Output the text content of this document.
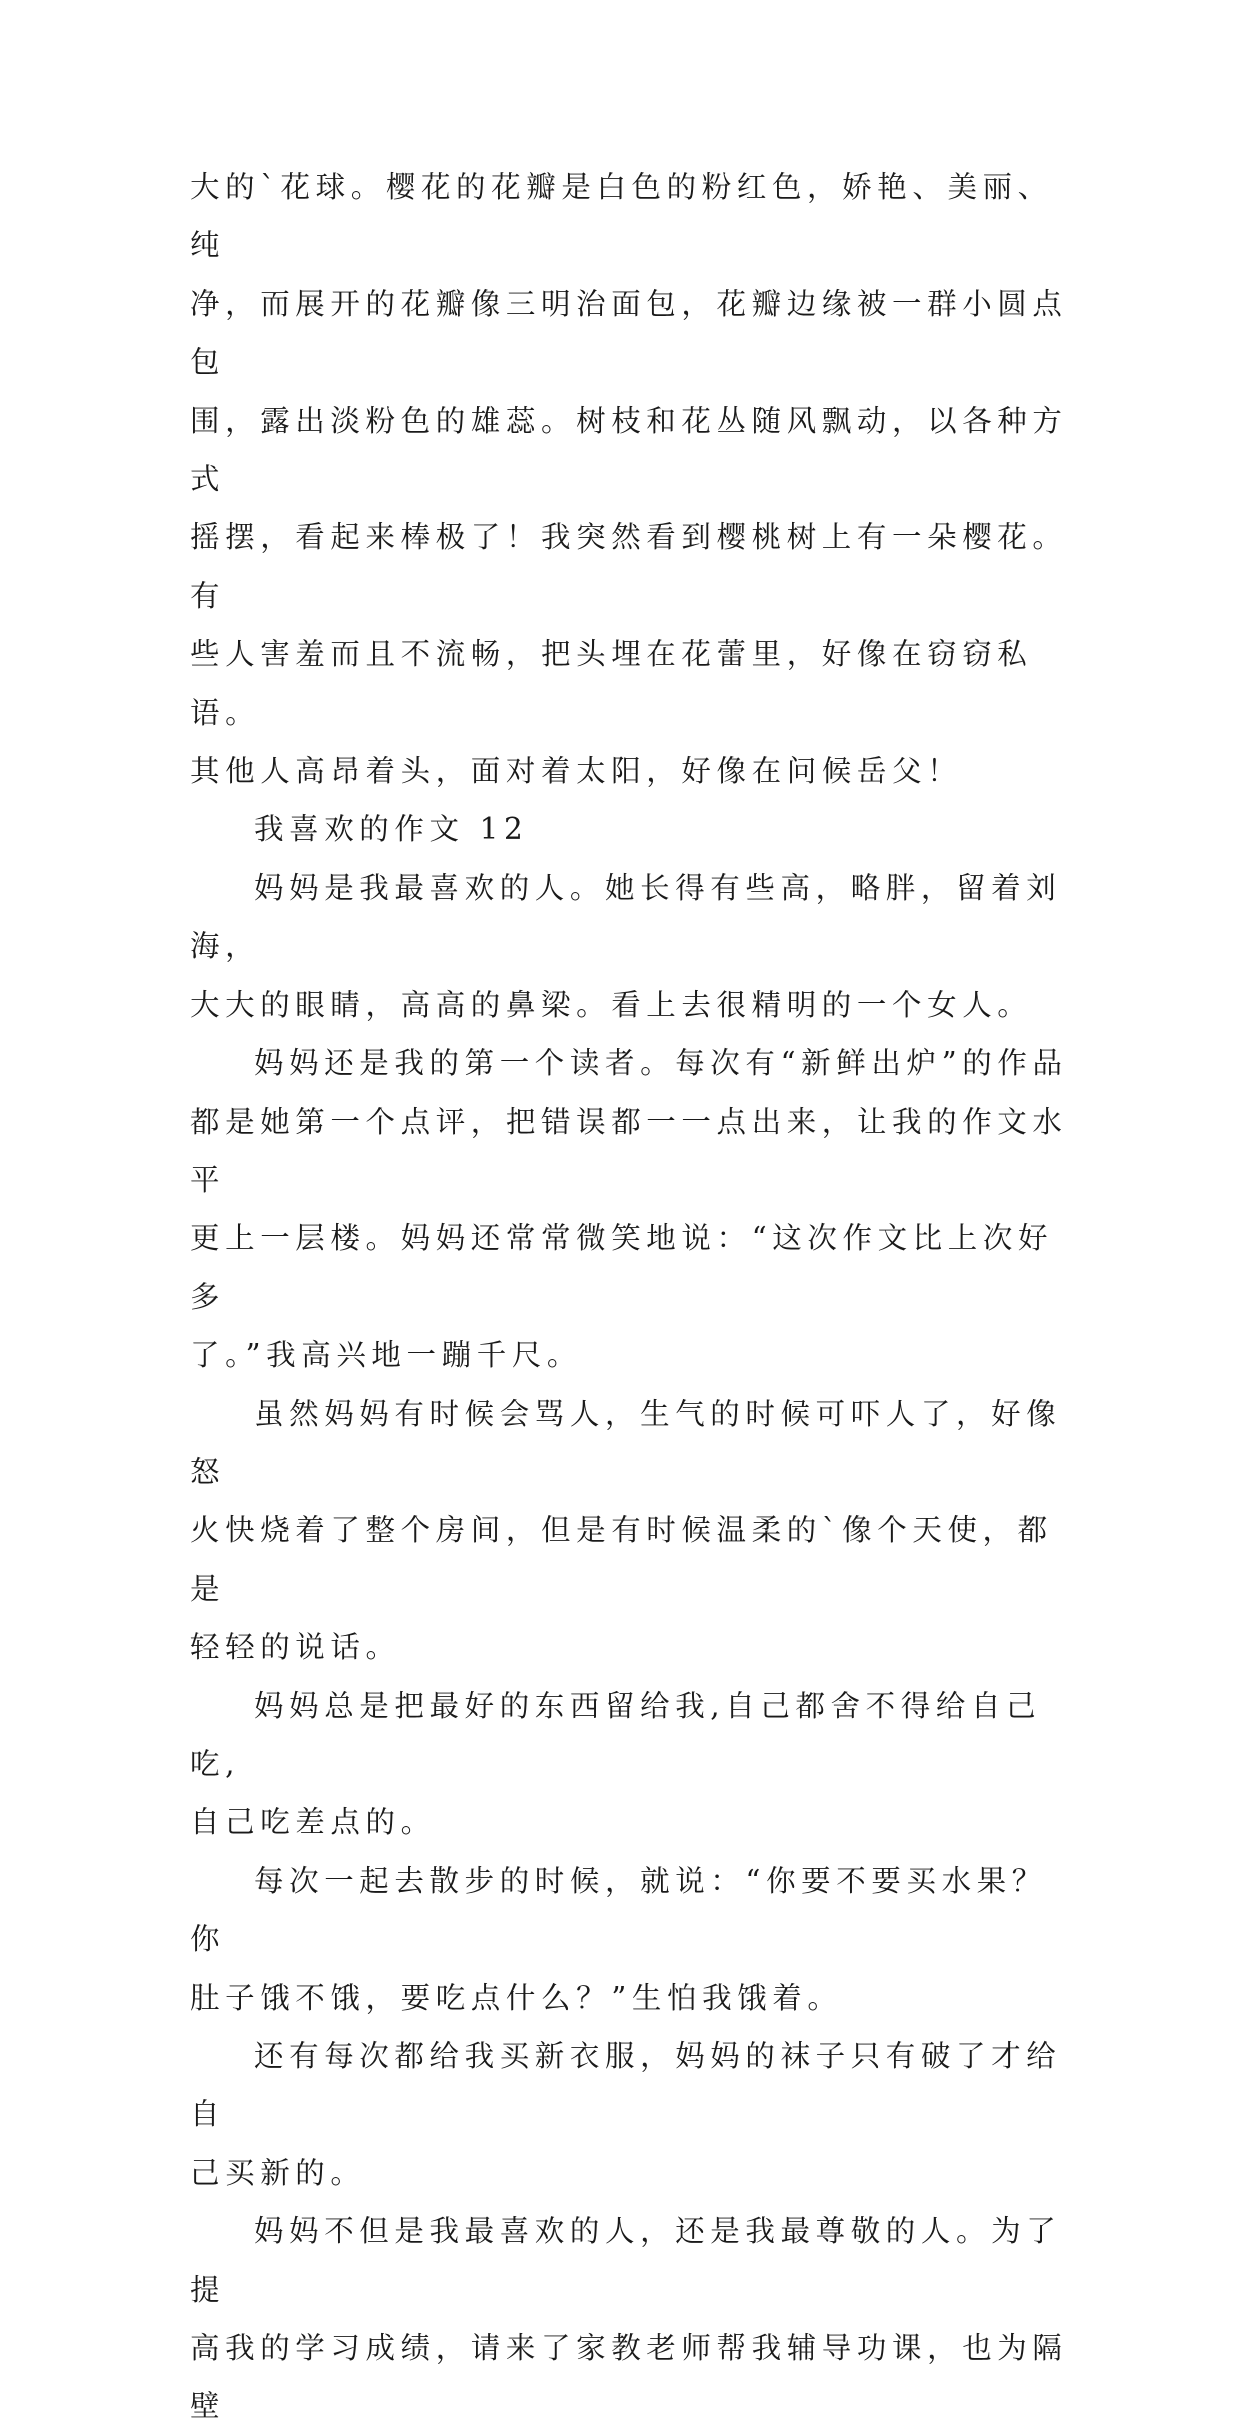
大的`花球。樱花的花瓣是白色的粉红色，娇艳、美丽、纯
净，而展开的花瓣像三明治面包，花瓣边缘被一群小圆点包
围，露出淡粉色的雄蕊。树枝和花丛随风飘动，以各种方式
摇摆，看起来棒极了！我突然看到樱桃树上有一朵樱花。有
些人害羞而且不流畅，把头埋在花蕾里，好像在窃窃私语。
其他人高昂着头，面对着太阳，好像在问候岳父！

我喜欢的作文 12

妈妈是我最喜欢的人。她长得有些高，略胖，留着刘海，
大大的眼睛，高高的鼻梁。看上去很精明的一个女人。

妈妈还是我的第一个读者。每次有“新鲜出炉”的作品
都是她第一个点评，把错误都一一点出来，让我的作文水平
更上一层楼。妈妈还常常微笑地说：“这次作文比上次好多
了。”我高兴地一蹦千尺。

虽然妈妈有时候会骂人，生气的时候可吓人了，好像怒
火快烧着了整个房间，但是有时候温柔的`像个天使，都是
轻轻的说话。

妈妈总是把最好的东西留给我,自己都舍不得给自己吃,
自己吃差点的。

每次一起去散步的时候，就说：“你要不要买水果？你
肚子饿不饿，要吃点什么？”生怕我饿着。

还有每次都给我买新衣服，妈妈的袜子只有破了才给自
己买新的。

妈妈不但是我最喜欢的人，还是我最尊敬的人。为了提
高我的学习成绩，请来了家教老师帮我辅导功课，也为隔壁
